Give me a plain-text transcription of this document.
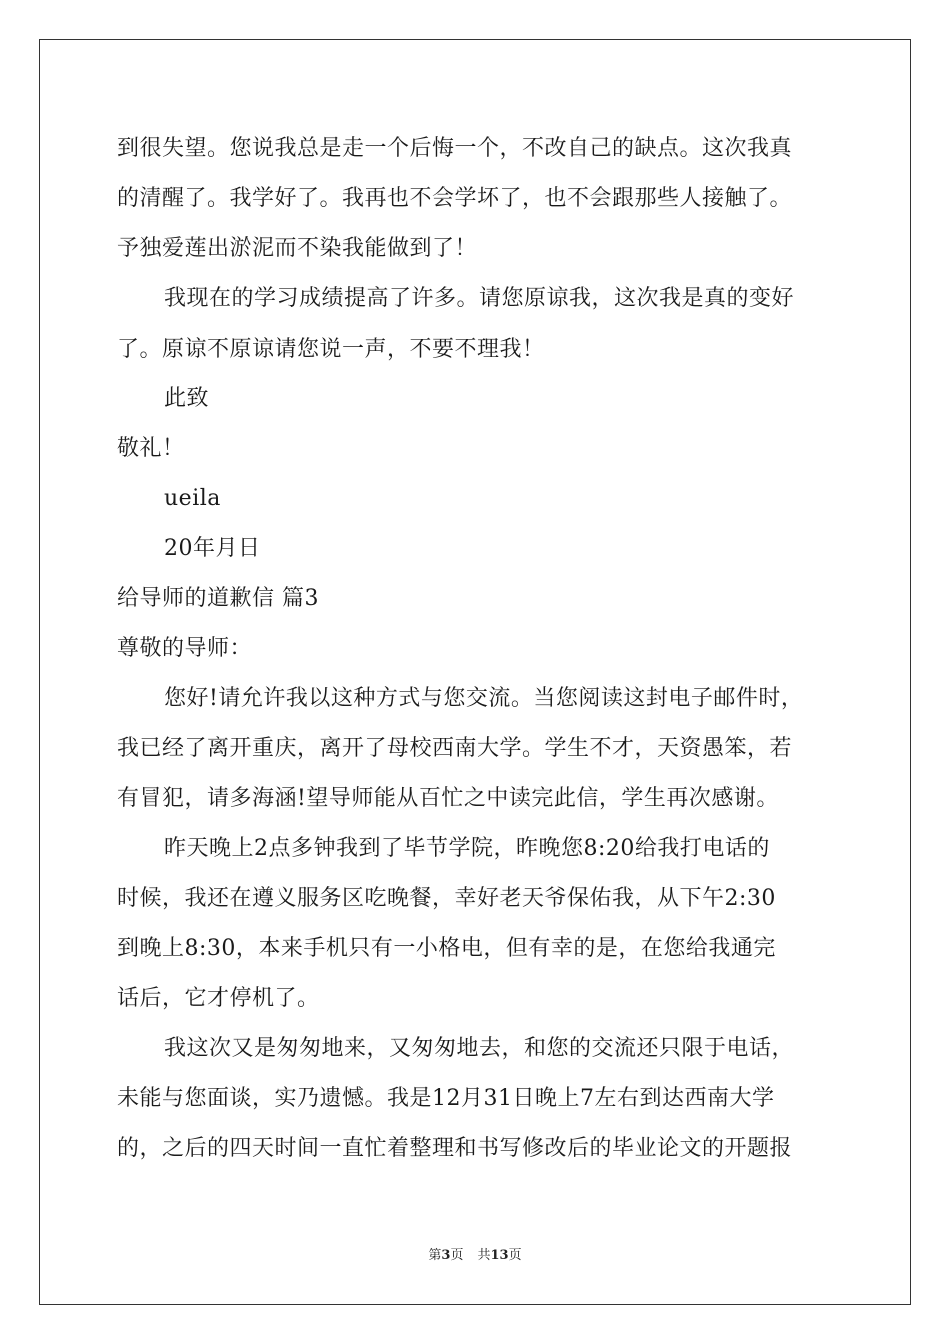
到很失望。您说我总是走一个后悔一个，不改自己的缺点。这次我真
的清醒了。我学好了。我再也不会学坏了，也不会跟那些人接触了。
予独爱莲出淤泥而不染我能做到了！
我现在的学习成绩提高了许多。请您原谅我，这次我是真的变好
了。原谅不原谅请您说一声，不要不理我！
此致
敬礼！
ueila
20年月日
给导师的道歉信 篇3
尊敬的导师：
您好!请允许我以这种方式与您交流。当您阅读这封电子邮件时，
我已经了离开重庆，离开了母校西南大学。学生不才，天资愚笨，若
有冒犯，请多海涵!望导师能从百忙之中读完此信，学生再次感谢。
昨天晚上2点多钟我到了毕节学院，昨晚您8:20给我打电话的
时候，我还在遵义服务区吃晚餐，幸好老天爷保佑我，从下午2:30
到晚上8:30，本来手机只有一小格电，但有幸的是，在您给我通完
话后，它才停机了。
我这次又是匆匆地来，又匆匆地去，和您的交流还只限于电话，
未能与您面谈，实乃遗憾。我是12月31日晚上7左右到达西南大学
的，之后的四天时间一直忙着整理和书写修改后的毕业论文的开题报
第3页 共13页
